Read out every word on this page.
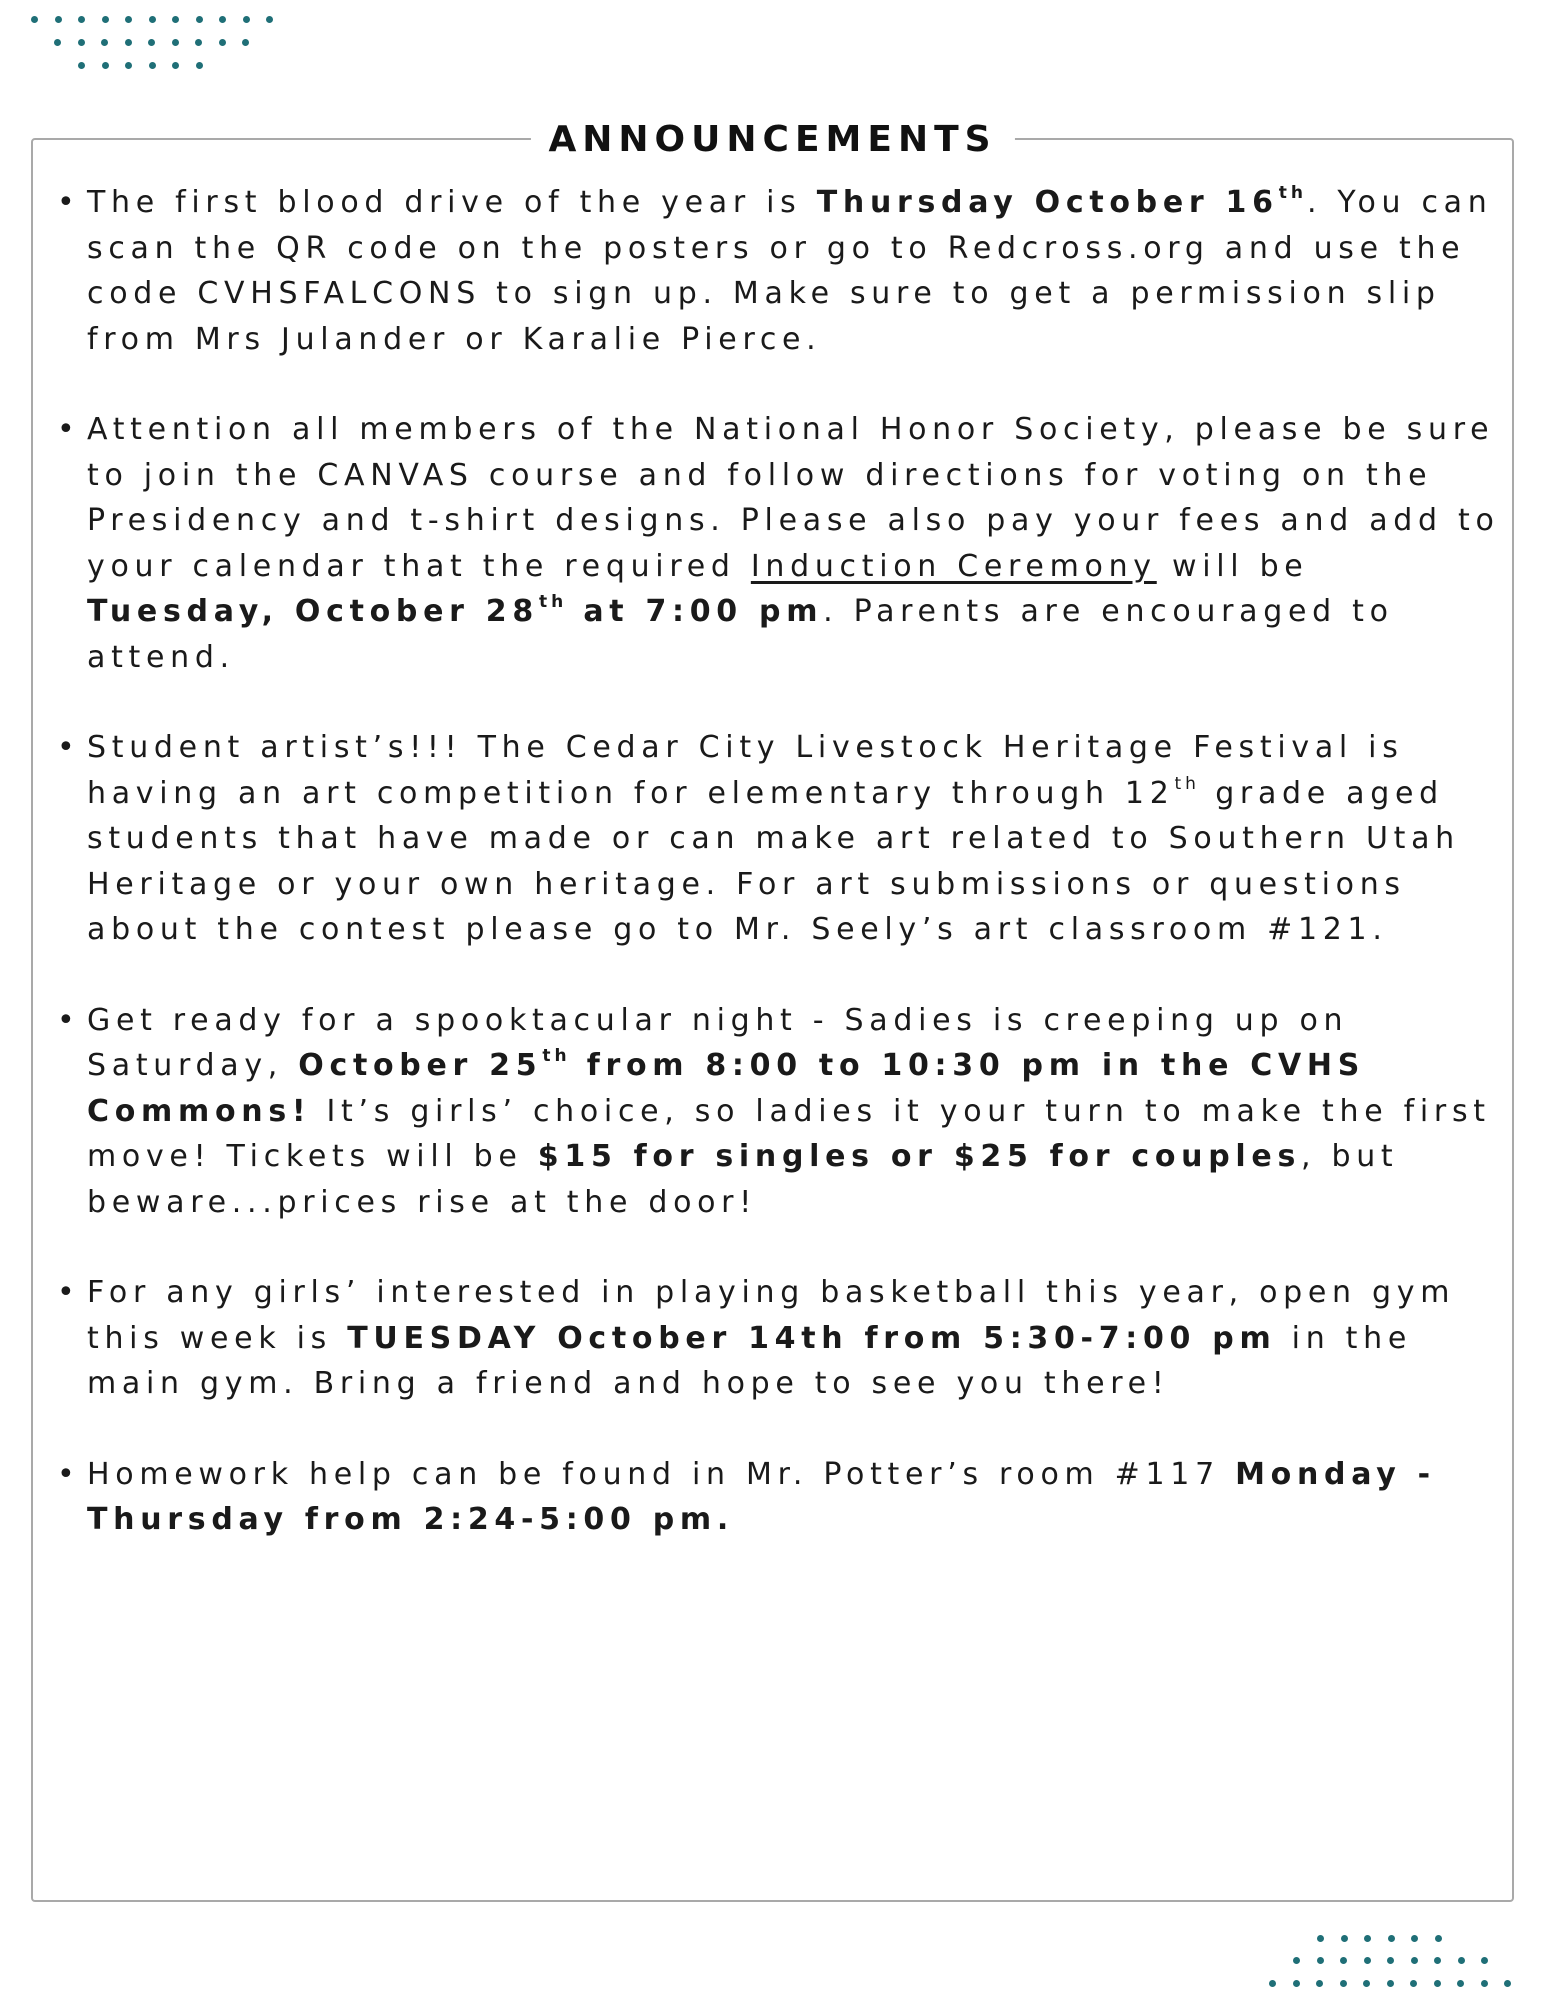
ANNOUNCEMENTS
• The first blood drive of the year is Thursday October 16th. You can scan the QR code on the posters or go to Redcross.org and use the code CVHSFALCONS to sign up. Make sure to get a permission slip from Mrs Julander or Karalie Pierce.
• Attention all members of the National Honor Society, please be sure to join the CANVAS course and follow directions for voting on the Presidency and t-shirt designs. Please also pay your fees and add to your calendar that the required Induction Ceremony will be Tuesday, October 28th at 7:00 pm. Parents are encouraged to attend.
• Student artist’s!!! The Cedar City Livestock Heritage Festival is having an art competition for elementary through 12th grade aged students that have made or can make art related to Southern Utah Heritage or your own heritage. For art submissions or questions about the contest please go to Mr. Seely’s art classroom #121.
• Get ready for a spooktacular night - Sadies is creeping up on Saturday, October 25th from 8:00 to 10:30 pm in the CVHS Commons! It’s girls’ choice, so ladies it your turn to make the first move! Tickets will be $15 for singles or $25 for couples, but beware...prices rise at the door!
• For any girls’ interested in playing basketball this year, open gym this week is TUESDAY October 14th from 5:30-7:00 pm in the main gym. Bring a friend and hope to see you there!
• Homework help can be found in Mr. Potter’s room #117 Monday - Thursday from 2:24-5:00 pm.
